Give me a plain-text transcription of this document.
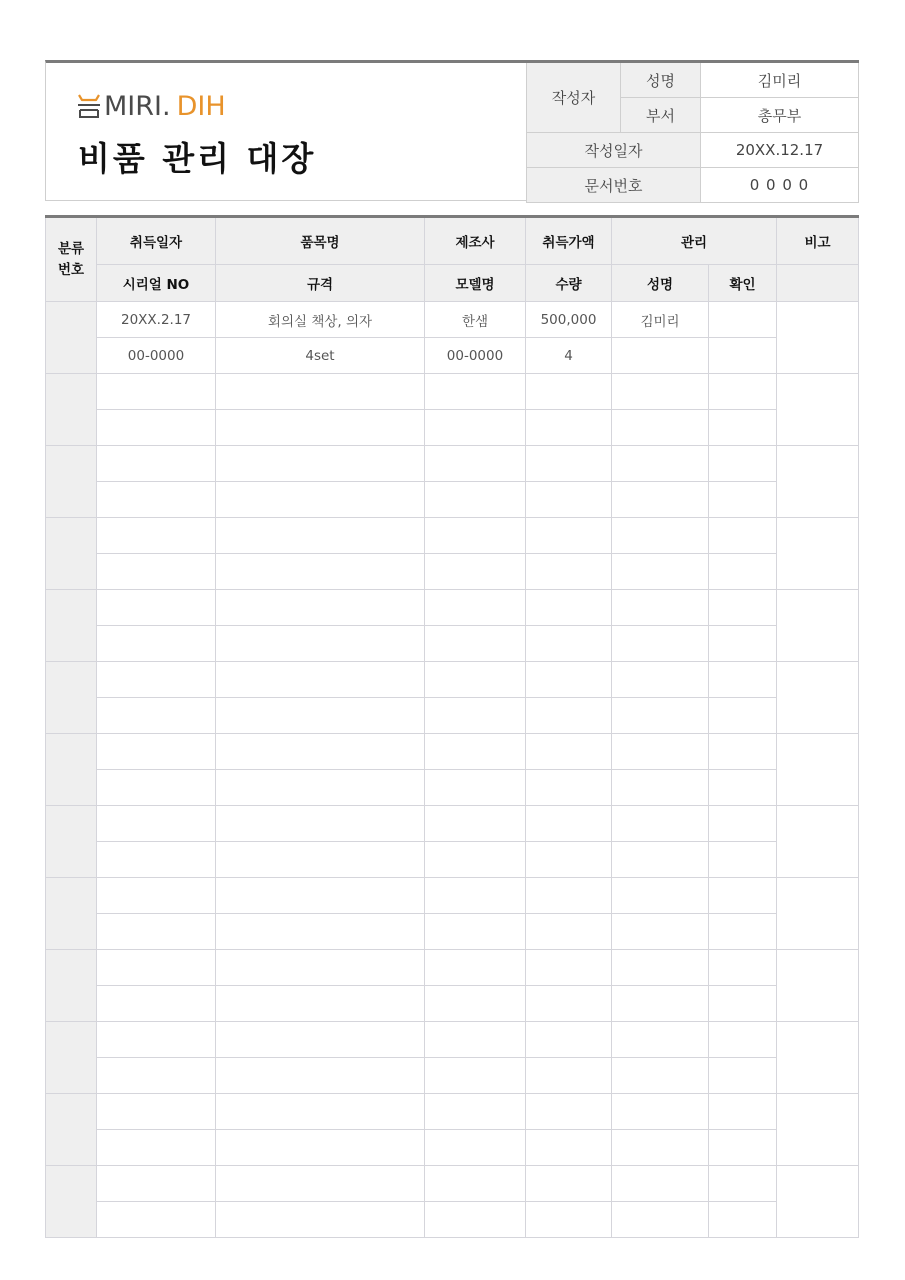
MIRI. DIH
비품 관리 대장
작성자	성명	김미리
	부서	총무부
작성일자		20XX.12.17
문서번호		0 0 0 0
분류
번호	취득일자	품목명	제조사	취득가액	관리		비고
	시리얼 NO	규격	모델명	수량	성명	확인	
	20XX.2.17	회의실 책상, 의자	한샘	500,000	김미리		
	00-0000	4set	00-0000	4			
